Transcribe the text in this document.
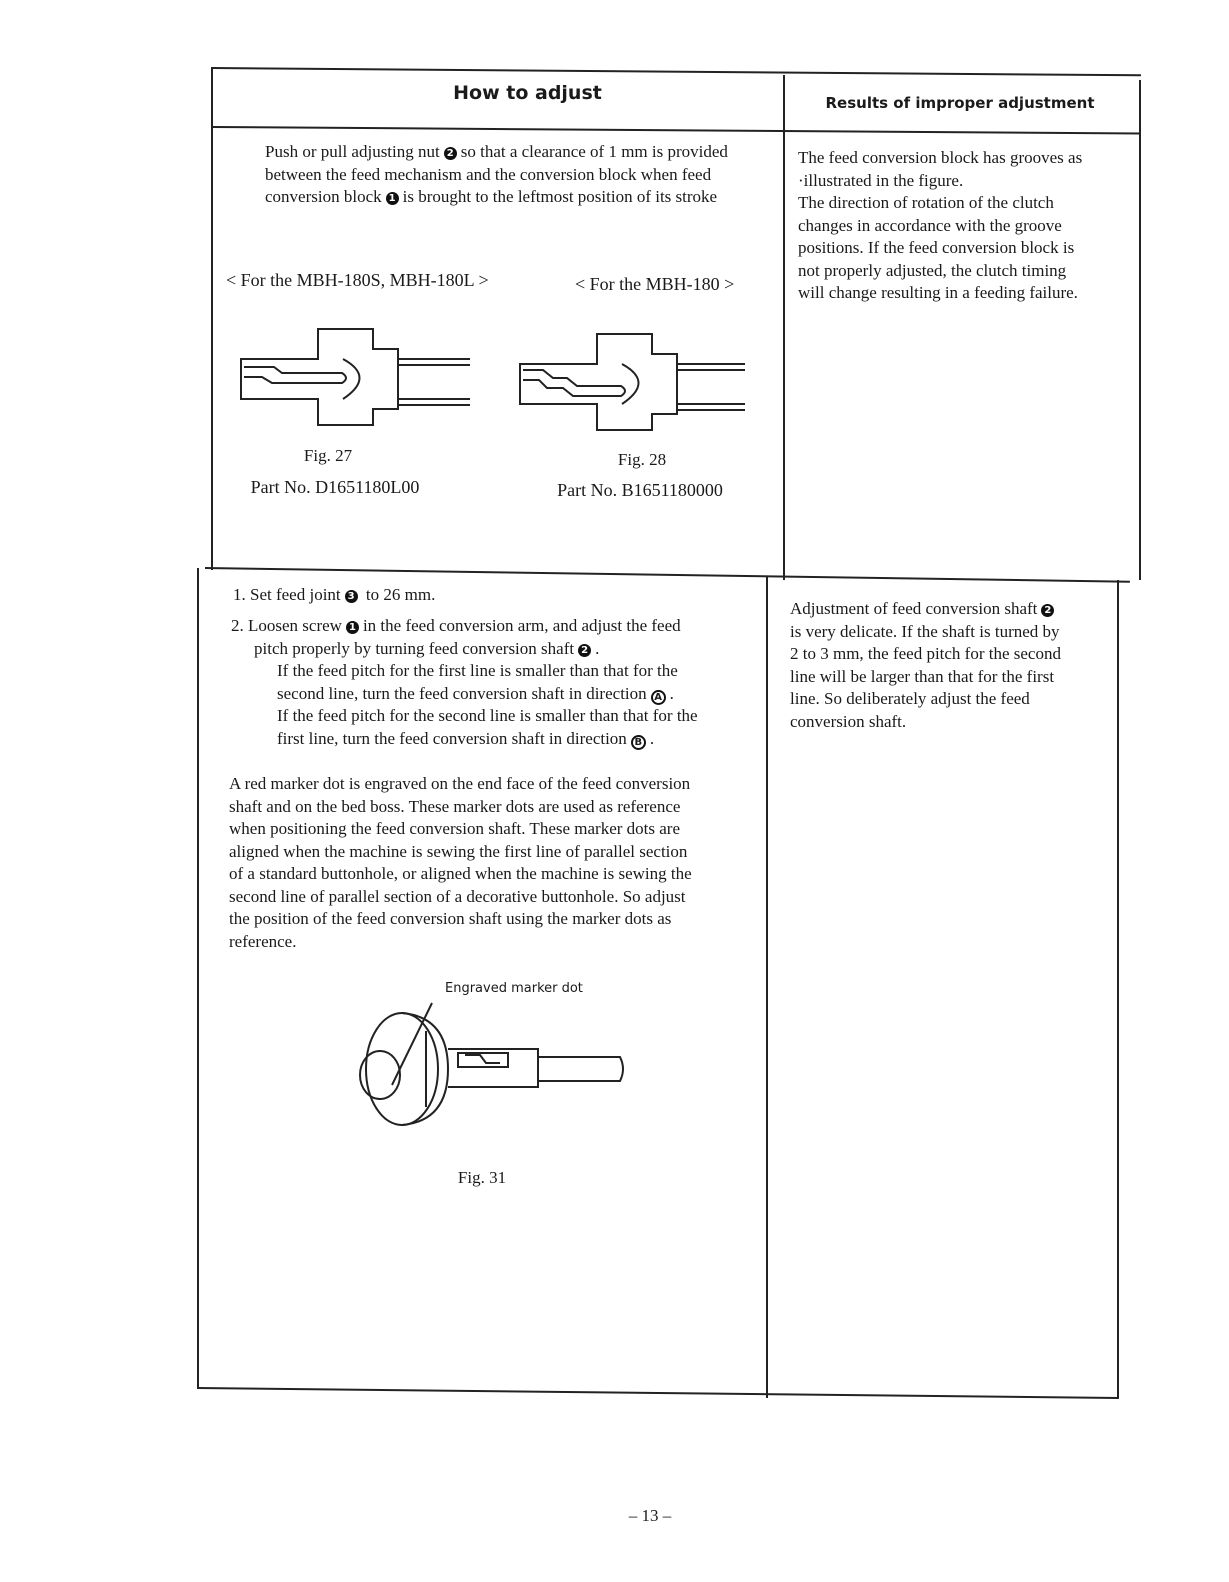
How to adjust	Results of improper adjustment
Push or pull adjusting nut 2 so that a clearance of 1 mm is provided between the feed mechanism and the conversion block when feed conversion block 1 is brought to the leftmost position of its stroke
< For the MBH-180S, MBH-180L >	< For the MBH-180 >
Fig. 27
Part No. D1651180L00
Fig. 28
Part No. B1651180000

The feed conversion block has grooves as

·illustrated in the figure.

The direction of rotation of the clutch

changes in accordance with the groove

positions. If the feed conversion block is

not properly adjusted, the clutch timing

will change resulting in a feeding failure.

1. Set feed joint 3 to 26 mm.

2. Loosen screw 1 in the feed conversion arm, and adjust the feed

pitch properly by turning feed conversion shaft 2 .

If the feed pitch for the first line is smaller than that for the

second line, turn the feed conversion shaft in direction A .

If the feed pitch for the second line is smaller than that for the

first line, turn the feed conversion shaft in direction B .

A red marker dot is engraved on the end face of the feed conversion

shaft and on the bed boss. These marker dots are used as reference

when positioning the feed conversion shaft. These marker dots are

aligned when the machine is sewing the first line of parallel section

of a standard buttonhole, or aligned when the machine is sewing the

second line of parallel section of a decorative buttonhole. So adjust

the position of the feed conversion shaft using the marker dots as

reference.

Engraved marker dot
Fig. 31

Adjustment of feed conversion shaft 2

is very delicate. If the shaft is turned by

2 to 3 mm, the feed pitch for the second

line will be larger than that for the first

line. So deliberately adjust the feed

conversion shaft.

– 13 –
